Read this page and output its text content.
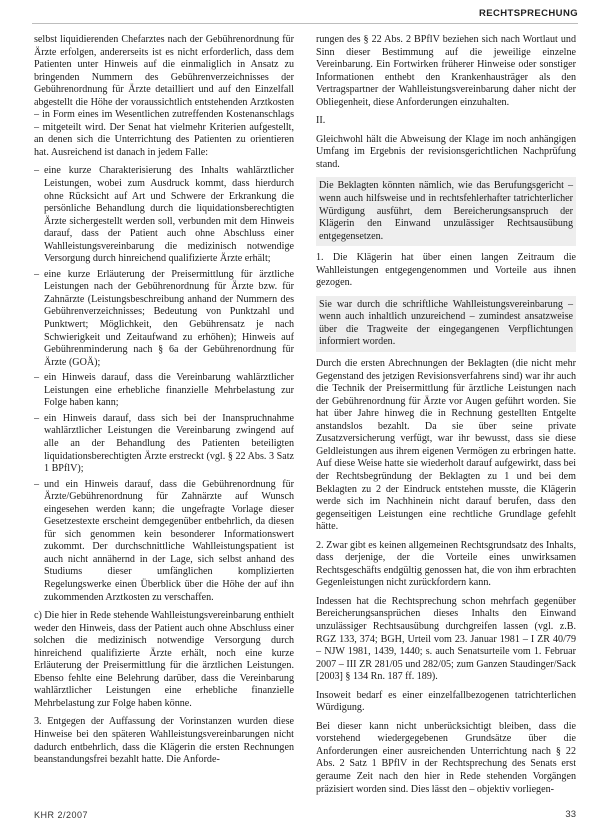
RECHTSPRECHUNG

selbst liquidierenden Chefarztes nach der Gebührenordnung für Ärzte erfolgen, andererseits ist es nicht erforderlich, dass dem Patienten unter Hinweis auf die einmaliglich in Ansatz zu bringenden Nummern des Gebührenverzeichnisses der Gebührenordnung für Ärzte detailliert und auf den Einzelfall abgestellt die Höhe der voraussichtlich entstehenden Arztkosten – in Form eines im Wesentlichen zutreffenden Kostenanschlags – mitgeteilt wird. Der Senat hat vielmehr Kriterien aufgestellt, an denen sich die Unterrichtung des Patienten zu orientieren hat. Ausreichend ist danach in jedem Falle:

– eine kurze Charakterisierung des Inhalts wahlärztlicher Leistungen, wobei zum Ausdruck kommt, dass hierdurch ohne Rücksicht auf Art und Schwere der Erkrankung die persönliche Behandlung durch die liquidationsberechtigten Ärzte sichergestellt werden soll, verbunden mit dem Hinweis darauf, dass der Patient auch ohne Abschluss einer Wahlleistungsvereinbarung die medizinisch notwendige Versorgung durch hinreichend qualifizierte Ärzte erhält;
– eine kurze Erläuterung der Preisermittlung für ärztliche Leistungen nach der Gebührenordnung für Ärzte bzw. für Zahnärzte (Leistungsbeschreibung anhand der Nummern des Gebührenverzeichnisses; Bedeutung von Punktzahl und Punktwert; Möglichkeit, den Gebührensatz je nach Schwierigkeit und Zeitaufwand zu erhöhen); Hinweis auf Gebührenminderung nach § 6a der Gebührenordnung für Ärzte (GOÄ);
– ein Hinweis darauf, dass die Vereinbarung wahlärztlicher Leistungen eine erhebliche finanzielle Mehrbelastung zur Folge haben kann;
– ein Hinweis darauf, dass sich bei der Inanspruchnahme wahlärztlicher Leistungen die Vereinbarung zwingend auf alle an der Behandlung des Patienten beteiligten liquidationsberechtigten Ärzte erstreckt (vgl. § 22 Abs. 3 Satz 1 BPflV);
– und ein Hinweis darauf, dass die Gebührenordnung für Ärzte/Gebührenordnung für Zahnärzte auf Wunsch eingesehen werden kann; die ungefragte Vorlage dieser Gesetzestexte erscheint demgegenüber entbehrlich, da diesen für sich genommen kein besonderer Informationswert zukommt. Der durchschnittliche Wahlleistungspatient ist auch nicht annähernd in der Lage, sich selbst anhand des Studiums dieser umfänglichen komplizierten Regelungswerke einen Überblick über die Höhe der auf ihn zukommenden Arztkosten zu verschaffen.

c) Die hier in Rede stehende Wahlleistungsvereinbarung enthielt weder den Hinweis, dass der Patient auch ohne Abschluss einer solchen die medizinisch notwendige Versorgung durch hinreichend qualifizierte Ärzte erhält, noch eine kurze Erläuterung der Preisermittlung für die ärztlichen Leistungen. Ebenso fehlte eine Belehrung darüber, dass die Vereinbarung wahlärztlicher Leistungen eine erhebliche finanzielle Mehrbelastung zur Folge haben könne.

3. Entgegen der Auffassung der Vorinstanzen wurden diese Hinweise bei den späteren Wahlleistungsvereinbarungen nicht dadurch entbehrlich, dass die Klägerin die ersten Rechnungen beanstandungsfrei bezahlt hatte. Die Anforde-

rungen des § 22 Abs. 2 BPflV beziehen sich nach Wortlaut und Sinn dieser Bestimmung auf die jeweilige einzelne Vereinbarung. Ein Fortwirken früherer Hinweise oder sonstiger Informationen enthebt den Krankenhausträger als den Vertragspartner der Wahlleistungsvereinbarung daher nicht der Obliegenheit, diese Anforderungen einzuhalten.

II.

Gleichwohl hält die Abweisung der Klage im noch anhängigen Umfang im Ergebnis der revisionsgerichtlichen Nachprüfung stand.

Die Beklagten könnten nämlich, wie das Berufungsgericht – wenn auch hilfsweise und in rechtsfehlerhafter tatrichterlicher Würdigung ausführt, dem Bereicherungsanspruch der Klägerin den Einwand unzulässiger Rechtsausübung entgegensetzen.

1. Die Klägerin hat über einen langen Zeitraum die Wahlleistungen entgegengenommen und Vorteile aus ihnen gezogen.

Sie war durch die schriftliche Wahlleistungsvereinbarung – wenn auch inhaltlich unzureichend – zumindest ansatzweise über die Tragweite der eingegangenen Verpflichtungen informiert worden.

Durch die ersten Abrechnungen der Beklagten (die nicht mehr Gegenstand des jetzigen Revisionsverfahrens sind) war ihr auch die Technik der Preisermittlung für ärztliche Leistungen nach der Gebührenordnung für Ärzte vor Augen geführt worden. Sie hat über Jahre hinweg die in Rechnung gestellten Entgelte anstandslos bezahlt. Da sie über seine private Zusatzversicherung verfügt, war ihr bewusst, dass sie diese Geldleistungen aus ihrem eigenen Vermögen zu erbringen hatte. Auf diese Weise hatte sie wiederholt darauf aufgewirkt, dass bei der Rechtsbegründung der Beklagten zu 1 und bei dem Beklagten zu 2 der Eindruck entstehen musste, die Klägerin werde sich im Nachhinein nicht darauf berufen, dass den gegenseitigen Leistungen eine rechtliche Grundlage gefehlt hätte.

2. Zwar gibt es keinen allgemeinen Rechtsgrundsatz des Inhalts, dass derjenige, der die Vorteile eines unwirksamen Rechtsgeschäfts endgültig genossen hat, die von ihm erbrachten Gegenleistungen nicht zurückfordern kann.

Indessen hat die Rechtsprechung schon mehrfach gegenüber Bereicherungsansprüchen dieses Inhalts den Einwand unzulässiger Rechtsausübung durchgreifen lassen (vgl. z.B. RGZ 133, 374; BGH, Urteil vom 23. Januar 1981 – I ZR 40/79 – NJW 1981, 1439, 1440; s. auch Senatsurteile vom 1. Februar 2007 – III ZR 281/05 und 282/05; zum Ganzen Staudinger/Sack [2003] § 134 Rn. 187 ff. 189).

Insoweit bedarf es einer einzelfallbezogenen tatrichterlichen Würdigung.

Bei dieser kann nicht unberücksichtigt bleiben, dass die vorstehend wiedergegebenen Grundsätze über die Anforderungen einer ausreichenden Unterrichtung nach § 22 Abs. 2 Satz 1 BPflV in der Rechtsprechung des Senats erst geraume Zeit nach den hier in Rede stehenden Vorgängen präzisiert worden sind. Dies lässt den – objektiv vorliegen-

KHR 2/2007	33
